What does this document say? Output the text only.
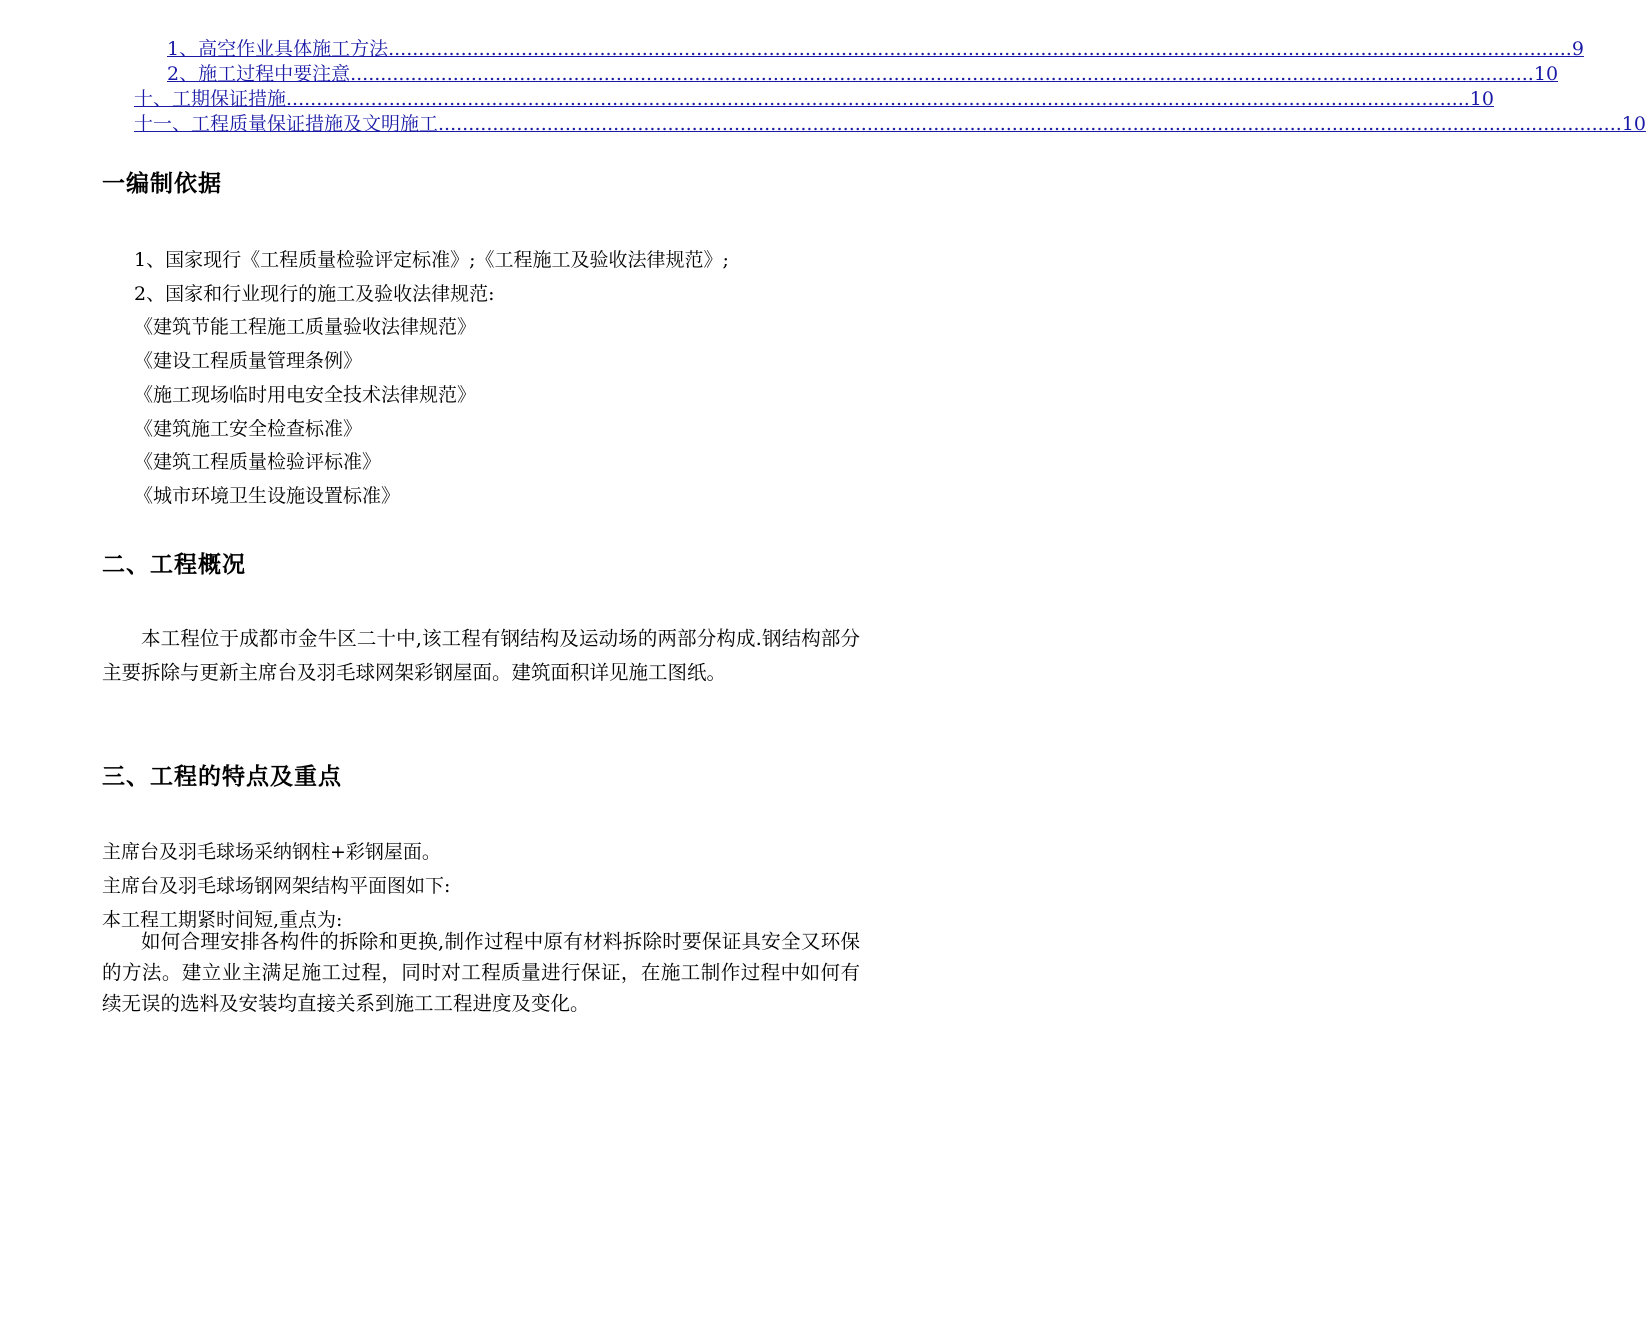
1、高空作业具体施工方法 .................................................................................................................................................................................................... 9
2、施工过程中要注意 .................................................................................................................................................................................................... 10
十、工期保证措施 .................................................................................................................................................................................................... 10
十一、工程质量保证措施及文明施工 .................................................................................................................................................................................................... 10
一编制依据
1、国家现行《工程质量检验评定标准》;《工程施工及验收法律规范》;
2、国家和行业现行的施工及验收法律规范:
《建筑节能工程施工质量验收法律规范》
《建设工程质量管理条例》
《施工现场临时用电安全技术法律规范》
《建筑施工安全检查标准》
《建筑工程质量检验评标准》
《城市环境卫生设施设置标准》
二、工程概况
本工程位于成都市金牛区二十中,该工程有钢结构及运动场的两部分构成.钢结构部分主要拆除与更新主席台及羽毛球网架彩钢屋面。建筑面积详见施工图纸。
三、工程的特点及重点
主席台及羽毛球场采纳钢柱+彩钢屋面。
主席台及羽毛球场钢网架结构平面图如下:
本工程工期紧时间短,重点为:
如何合理安排各构件的拆除和更换,制作过程中原有材料拆除时要保证具安全又环保的方法。建立业主满足施工过程，同时对工程质量进行保证，在施工制作过程中如何有续无误的选料及安装均直接关系到施工工程进度及变化。
